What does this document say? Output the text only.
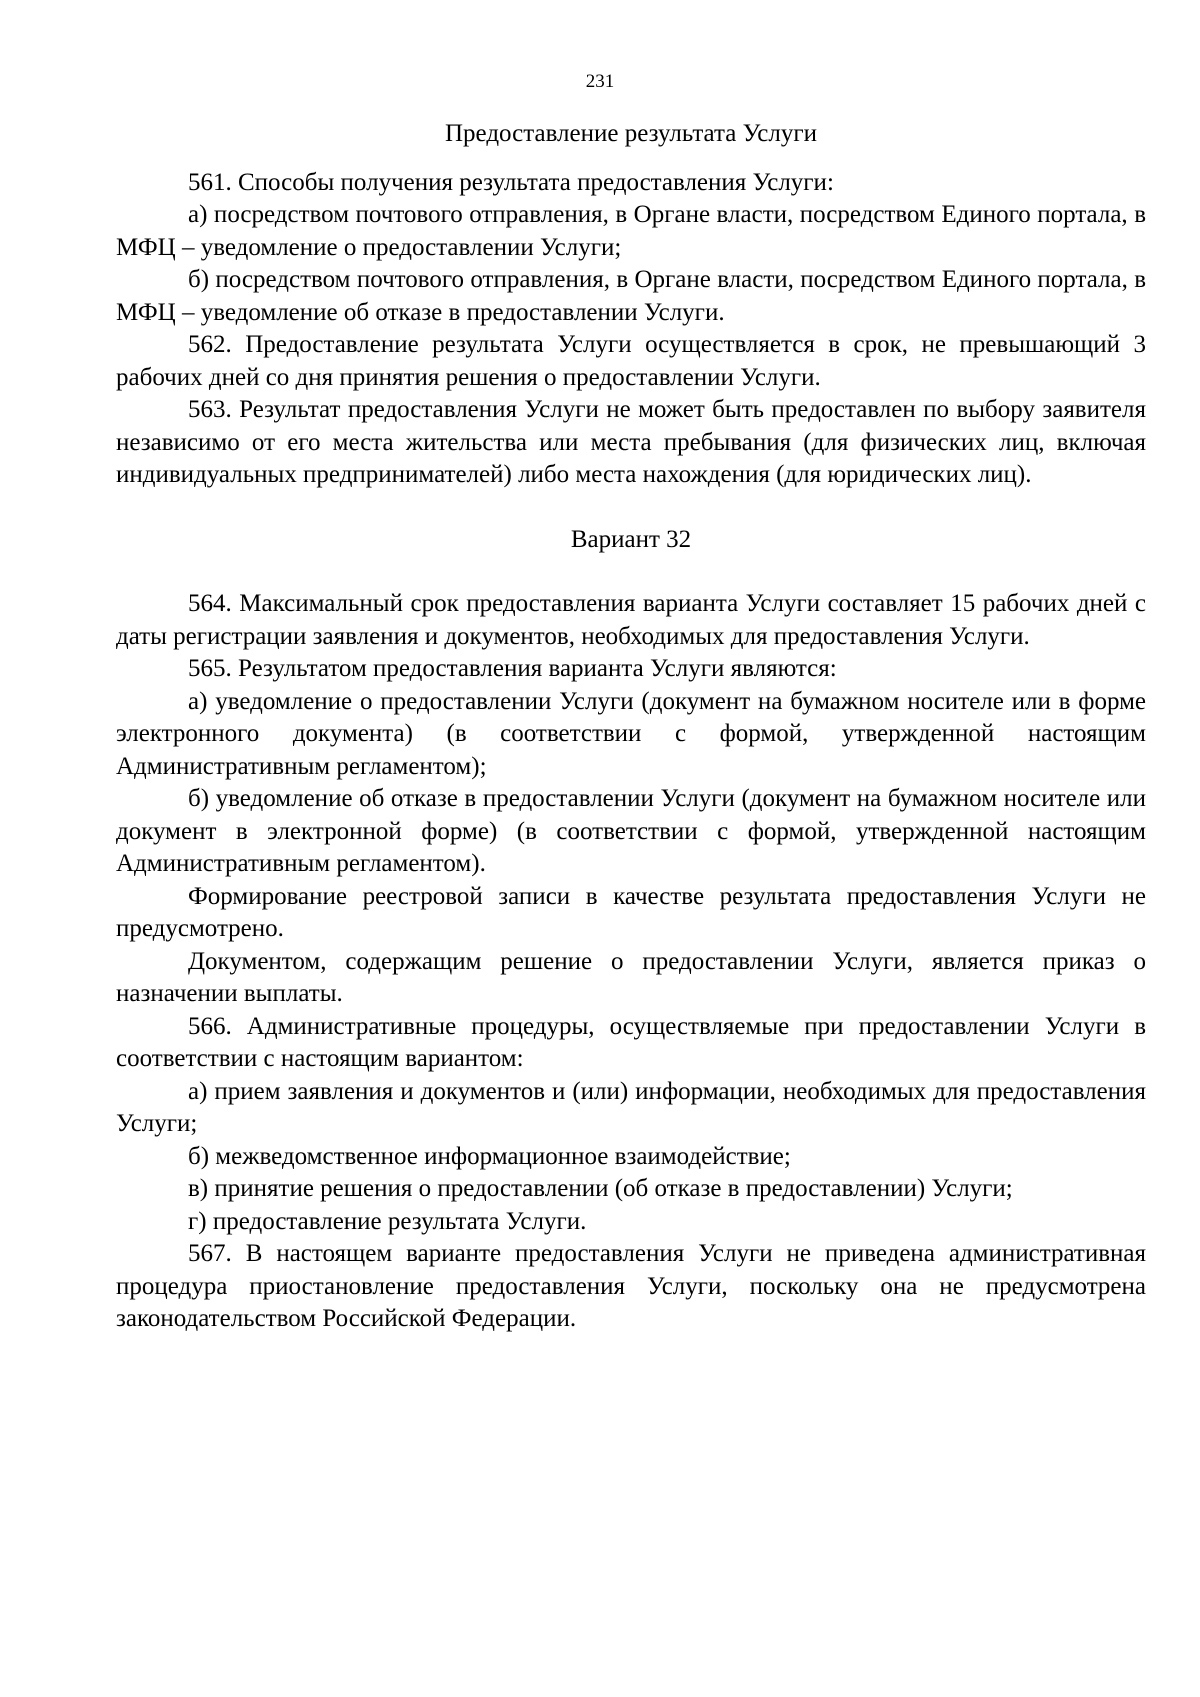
231
Предоставление результата Услуги

561. Способы получения результата предоставления Услуги:

а) посредством почтового отправления, в Органе власти, посредством Единого портала, в МФЦ – уведомление о предоставлении Услуги;

б) посредством почтового отправления, в Органе власти, посредством Единого портала, в МФЦ – уведомление об отказе в предоставлении Услуги.

562. Предоставление результата Услуги осуществляется в срок, не превышающий 3 рабочих дней со дня принятия решения о предоставлении Услуги.

563. Результат предоставления Услуги не может быть предоставлен по выбору заявителя независимо от его места жительства или места пребывания (для физических лиц, включая индивидуальных предпринимателей) либо места нахождения (для юридических лиц).

Вариант 32

564. Максимальный срок предоставления варианта Услуги составляет 15 рабочих дней с даты регистрации заявления и документов, необходимых для предоставления Услуги.

565. Результатом предоставления варианта Услуги являются:

а) уведомление о предоставлении Услуги (документ на бумажном носителе или в форме электронного документа) (в соответствии с формой, утвержденной настоящим Административным регламентом);

б) уведомление об отказе в предоставлении Услуги (документ на бумажном носителе или документ в электронной форме) (в соответствии с формой, утвержденной настоящим Административным регламентом).

Формирование реестровой записи в качестве результата предоставления Услуги не предусмотрено.

Документом, содержащим решение о предоставлении Услуги, является приказ о назначении выплаты.

566. Административные процедуры, осуществляемые при предоставлении Услуги в соответствии с настоящим вариантом:

а) прием заявления и документов и (или) информации, необходимых для предоставления Услуги;

б) межведомственное информационное взаимодействие;

в) принятие решения о предоставлении (об отказе в предоставлении) Услуги;

г) предоставление результата Услуги.

567. В настоящем варианте предоставления Услуги не приведена административная процедура приостановление предоставления Услуги, поскольку она не предусмотрена законодательством Российской Федерации.
